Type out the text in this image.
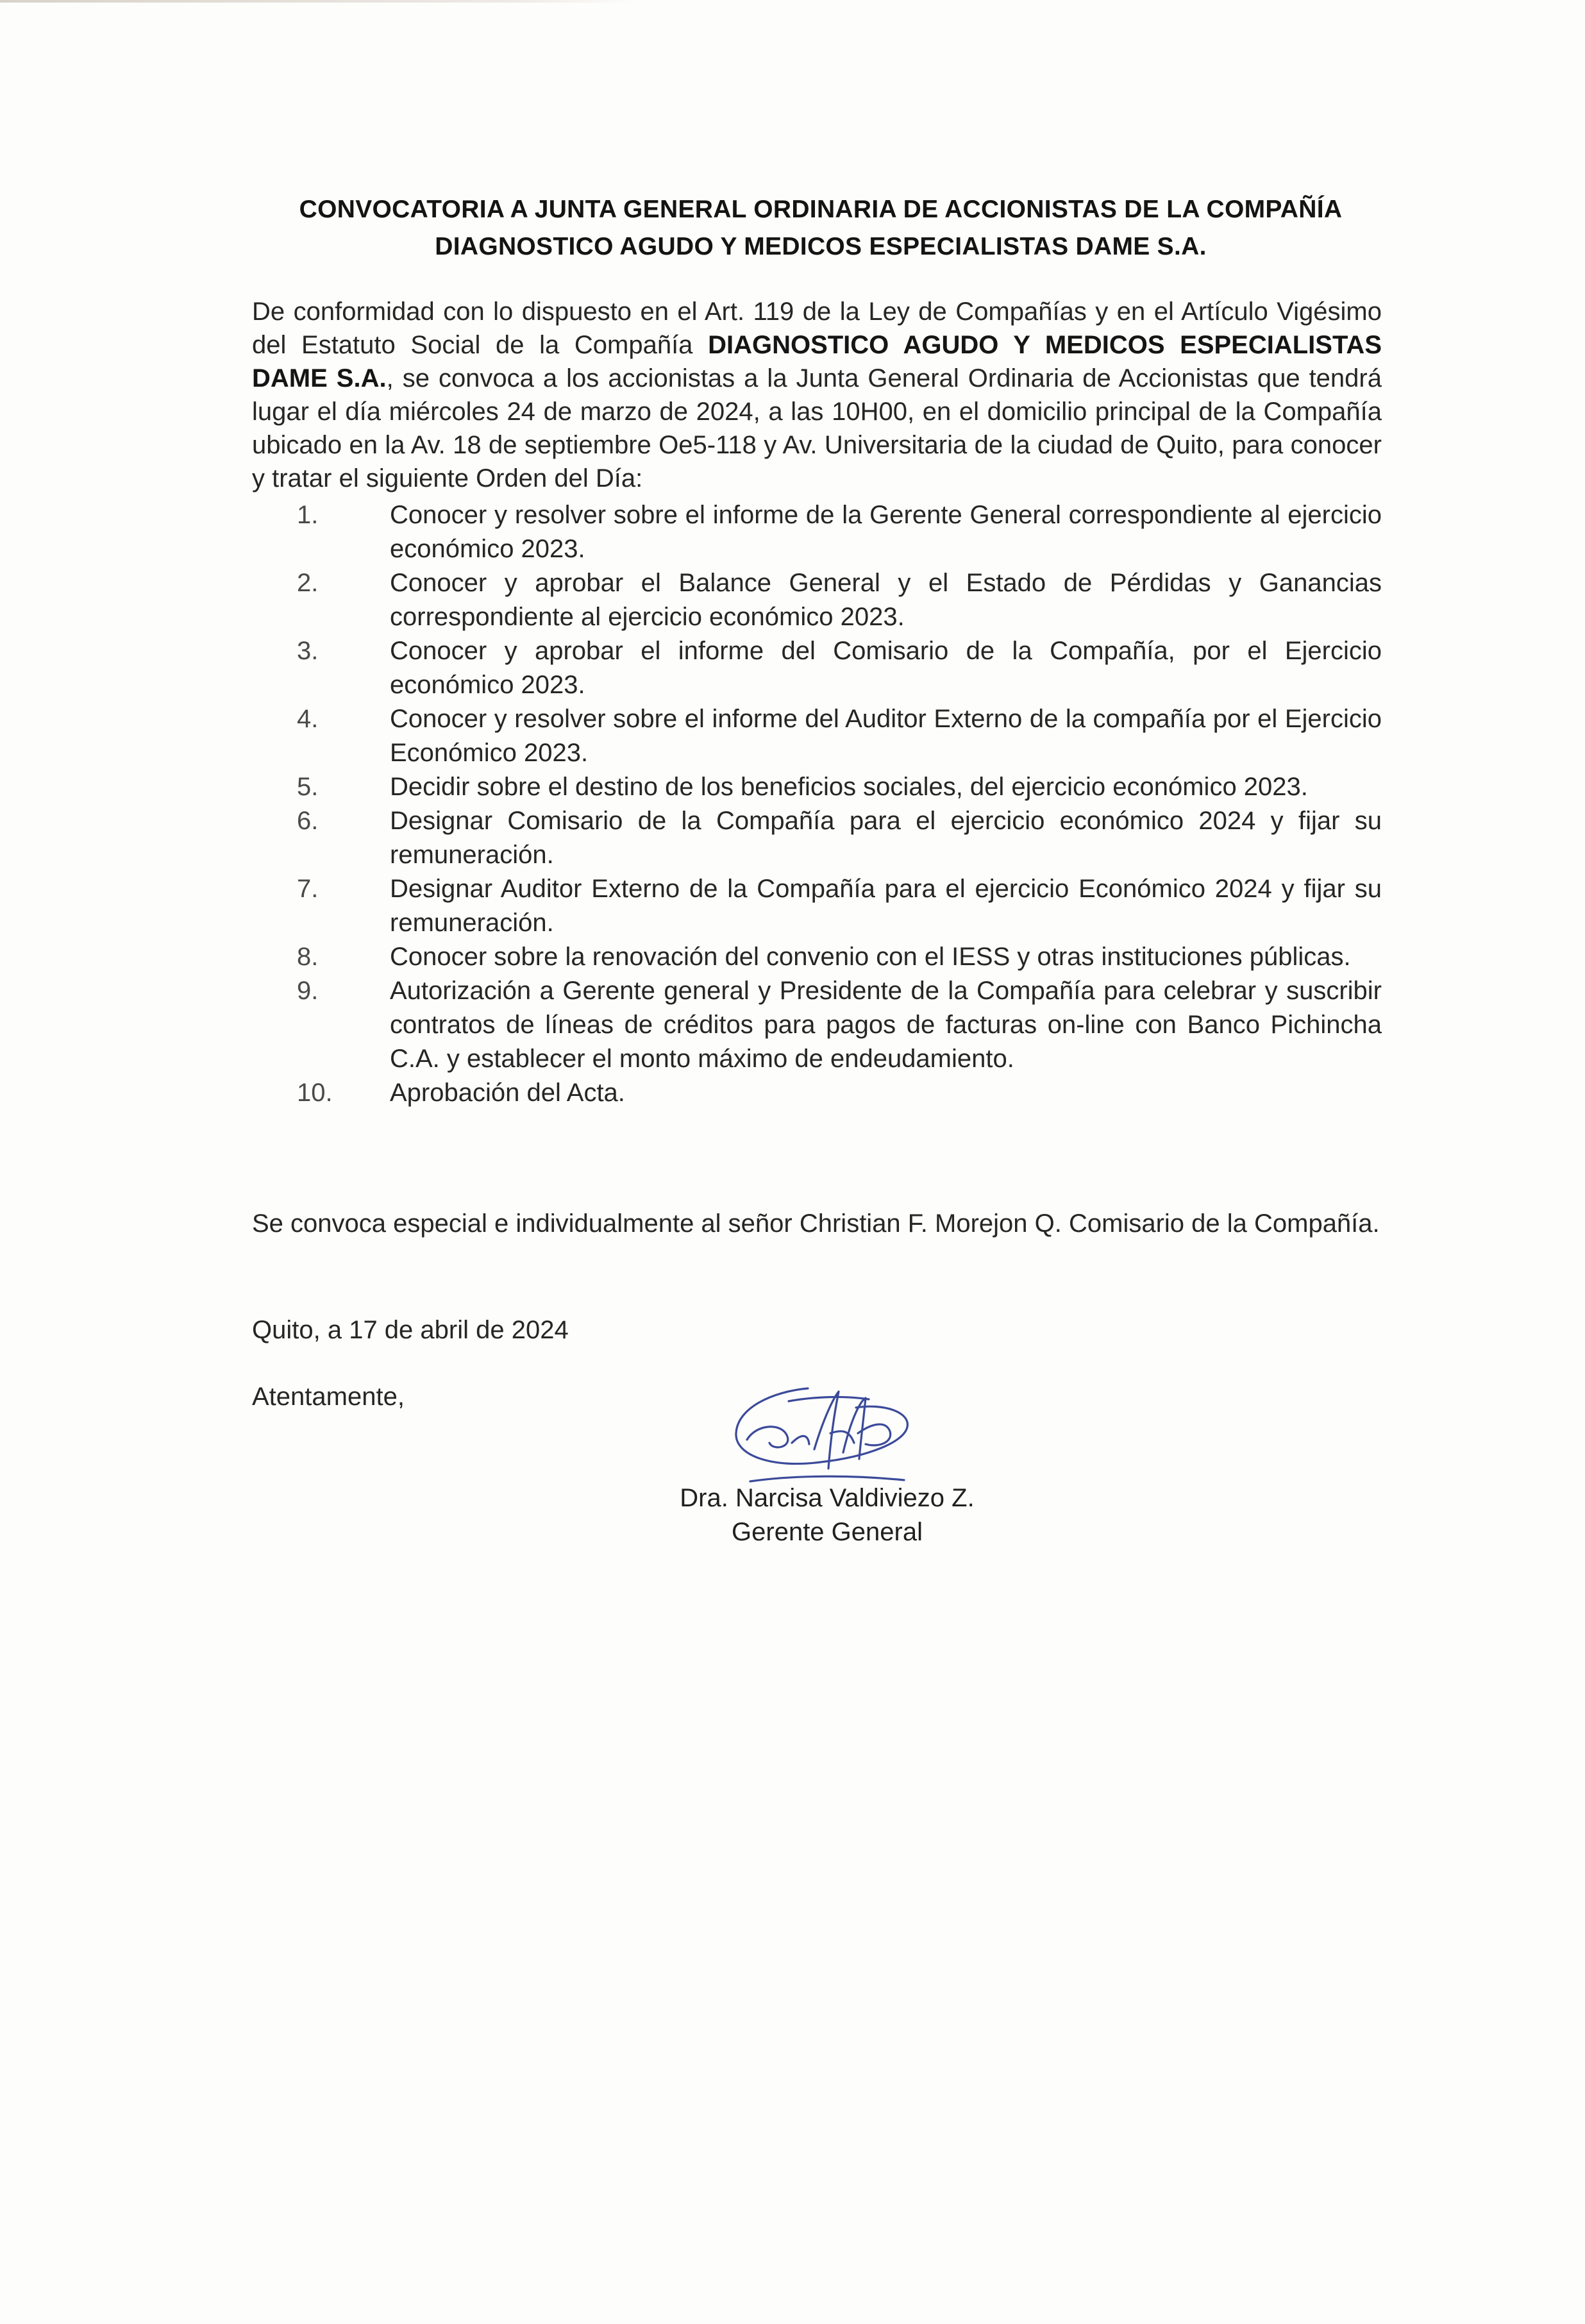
CONVOCATORIA A JUNTA GENERAL ORDINARIA DE ACCIONISTAS DE LA COMPAÑÍA
DIAGNOSTICO AGUDO Y MEDICOS ESPECIALISTAS DAME S.A.
De conformidad con lo dispuesto en el Art. 119 de la Ley de Compañías y en el Artículo Vigésimo del Estatuto Social de la Compañía DIAGNOSTICO AGUDO Y MEDICOS ESPECIALISTAS DAME S.A., se convoca a los accionistas a la Junta General Ordinaria de Accionistas que tendrá lugar el día miércoles 24 de marzo de 2024, a las 10H00, en el domicilio principal de la Compañía ubicado en la Av. 18 de septiembre Oe5-118 y Av. Universitaria de la ciudad de Quito, para conocer y tratar el siguiente Orden del Día:
1.	Conocer y resolver sobre el informe de la Gerente General correspondiente al ejercicio económico 2023.
2.	Conocer y aprobar el Balance General y el Estado de Pérdidas y Ganancias correspondiente al ejercicio económico 2023.
3.	Conocer y aprobar el informe del Comisario de la Compañía, por el Ejercicio económico 2023.
4.	Conocer y resolver sobre el informe del Auditor Externo de la compañía por el Ejercicio Económico 2023.
5.	Decidir sobre el destino de los beneficios sociales, del ejercicio económico 2023.
6.	Designar Comisario de la Compañía para el ejercicio económico 2024 y fijar su remuneración.
7.	Designar Auditor Externo de la Compañía para el ejercicio Económico 2024 y fijar su remuneración.
8.	Conocer sobre la renovación del convenio con el IESS y otras instituciones públicas.
9.	Autorización a Gerente general y Presidente de la Compañía para celebrar y suscribir contratos de líneas de créditos para pagos de facturas on-line con Banco Pichincha C.A. y establecer el monto máximo de endeudamiento.
10.	Aprobación del Acta.
Se convoca especial e individualmente al señor Christian F. Morejon Q. Comisario de la Compañía.
Quito, a 17 de abril de 2024
Atentamente,
Dra. Narcisa Valdiviezo Z.
Gerente General
